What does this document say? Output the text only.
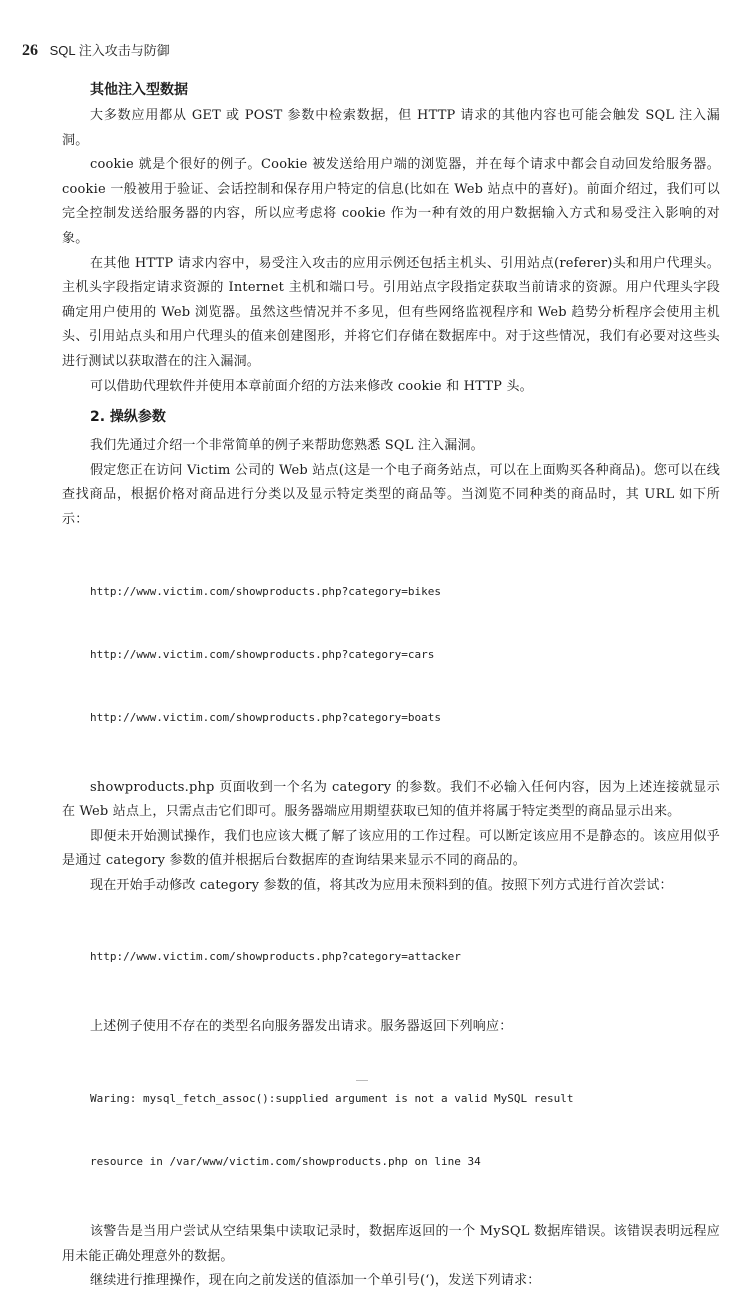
26 SQL 注入攻击与防御
其他注入型数据

大多数应用都从 GET 或 POST 参数中检索数据，但 HTTP 请求的其他内容也可能会触发 SQL 注入漏洞。

cookie 就是个很好的例子。Cookie 被发送给用户端的浏览器，并在每个请求中都会自动回发给服务器。cookie 一般被用于验证、会话控制和保存用户特定的信息(比如在 Web 站点中的喜好)。前面介绍过，我们可以完全控制发送给服务器的内容，所以应考虑将 cookie 作为一种有效的用户数据输入方式和易受注入影响的对象。

在其他 HTTP 请求内容中，易受注入攻击的应用示例还包括主机头、引用站点(referer)头和用户代理头。主机头字段指定请求资源的 Internet 主机和端口号。引用站点字段指定获取当前请求的资源。用户代理头字段确定用户使用的 Web 浏览器。虽然这些情况并不多见，但有些网络监视程序和 Web 趋势分析程序会使用主机头、引用站点头和用户代理头的值来创建图形，并将它们存储在数据库中。对于这些情况，我们有必要对这些头进行测试以获取潜在的注入漏洞。

可以借助代理软件并使用本章前面介绍的方法来修改 cookie 和 HTTP 头。

2. 操纵参数

我们先通过介绍一个非常简单的例子来帮助您熟悉 SQL 注入漏洞。

假定您正在访问 Victim 公司的 Web 站点(这是一个电子商务站点，可以在上面购买各种商品)。您可以在线查找商品，根据价格对商品进行分类以及显示特定类型的商品等。当浏览不同种类的商品时，其 URL 如下所示：

http://www.victim.com/showproducts.php?category=bikes

http://www.victim.com/showproducts.php?category=cars

http://www.victim.com/showproducts.php?category=boats

showproducts.php 页面收到一个名为 category 的参数。我们不必输入任何内容，因为上述连接就显示在 Web 站点上，只需点击它们即可。服务器端应用期望获取已知的值并将属于特定类型的商品显示出来。

即便未开始测试操作，我们也应该大概了解了该应用的工作过程。可以断定该应用不是静态的。该应用似乎是通过 category 参数的值并根据后台数据库的查询结果来显示不同的商品的。

现在开始手动修改 category 参数的值，将其改为应用未预料到的值。按照下列方式进行首次尝试：

http://www.victim.com/showproducts.php?category=attacker

上述例子使用不存在的类型名向服务器发出请求。服务器返回下列响应：

Waring: mysql_fetch_assoc():supplied argument is not a valid MySQL result

resource in /var/www/victim.com/showproducts.php on line 34

该警告是当用户尝试从空结果集中读取记录时，数据库返回的一个 MySQL 数据库错误。该错误表明远程应用未能正确处理意外的数据。

继续进行推理操作，现在向之前发送的值添加一个单引号(‘)，发送下列请求：
